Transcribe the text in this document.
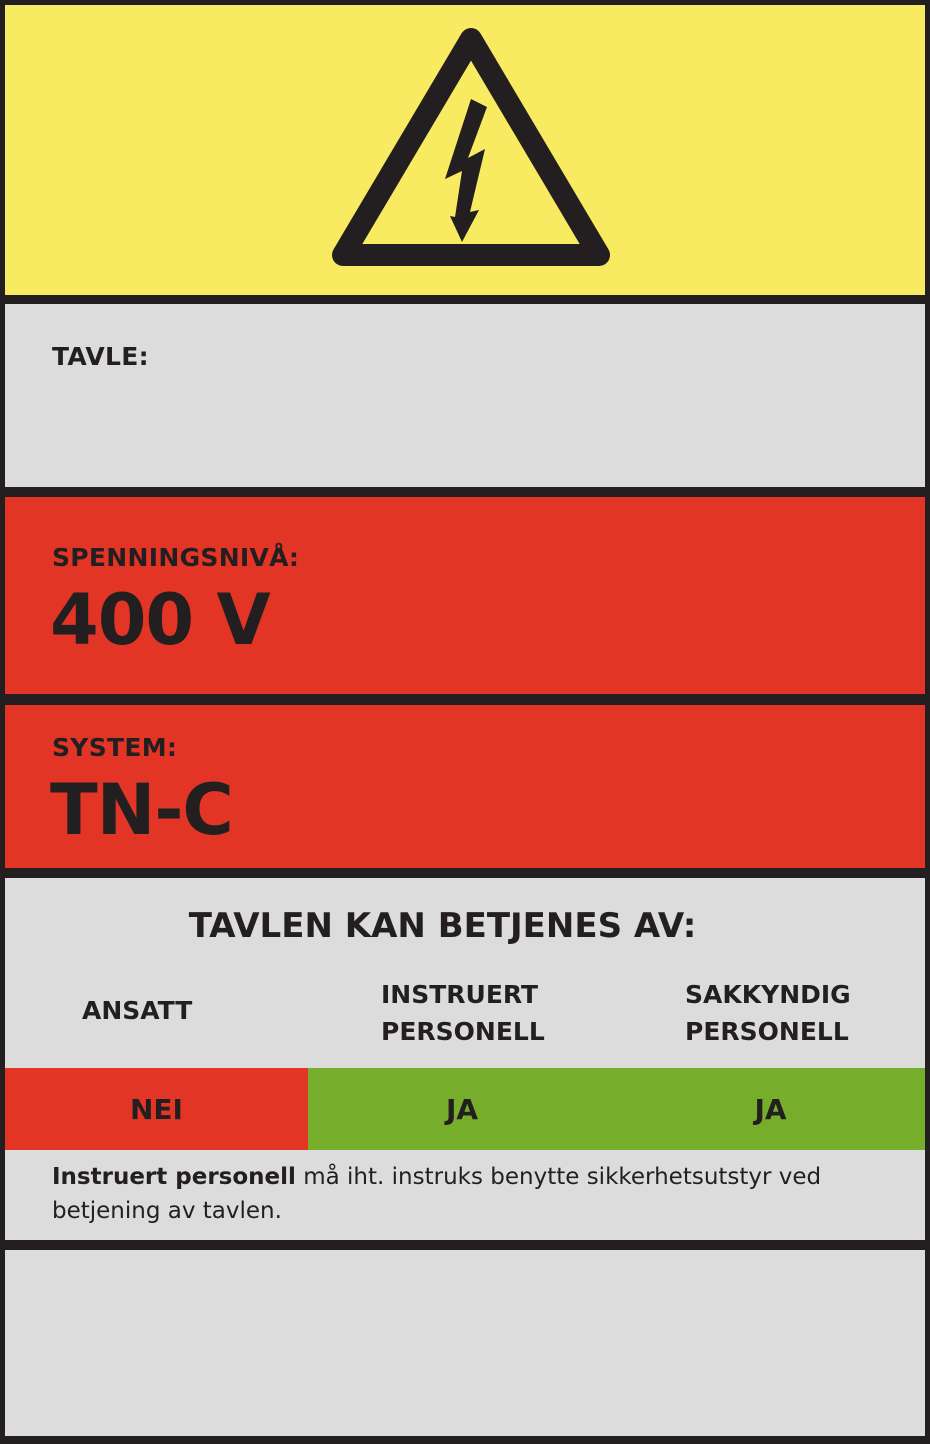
TAVLE:
SPENNINGSNIVÅ:
400 V
SYSTEM:
TN-C
TAVLEN KAN BETJENES AV:
ANSATT
INSTRUERT
PERSONELL
SAKKYNDIG
PERSONELL
NEI	JA	JA
Instruert personell må iht. instruks benytte sikkerhetsutstyr ved betjening av tavlen.
